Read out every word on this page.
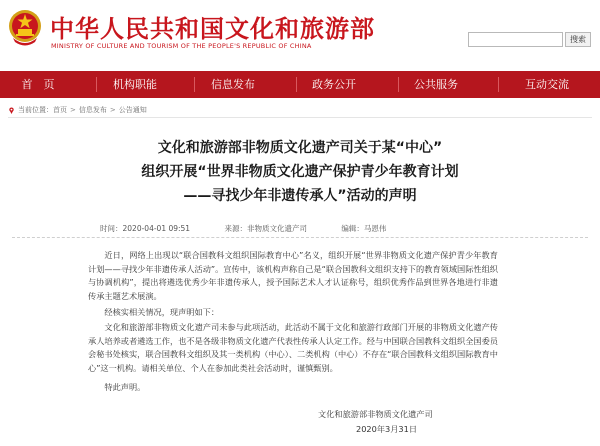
中华人民共和国文化和旅游部
MINISTRY OF CULTURE AND TOURISM OF THE PEOPLE'S REPUBLIC OF CHINA
搜索
首　页	机构职能	信息发布	政务公开	公共服务	互动交流
当前位置：首页 > 信息发布 > 公告通知
文化和旅游部非物质文化遗产司关于某“中心”
组织开展“世界非物质文化遗产保护青少年教育计划
——寻找少年非遗传承人”活动的声明
时间：2020-04-01 09:51	来源：非物质文化遗产司	编辑：马恩伟
近日，网络上出现以“联合国教科文组织国际教育中心”名义，组织开展“世界非物质文化遗产保护青少年教育计划——寻找少年非遗传承人活动”。宣传中，该机构声称自己是“联合国教科文组织支持下的教育领域国际性组织与协调机构”，提出将遴选优秀少年非遗传承人，授予国际艺术人才认证称号，组织优秀作品到世界各地进行非遗传承主题艺术展演。
经核实相关情况，现声明如下：
文化和旅游部非物质文化遗产司未参与此项活动，此活动不属于文化和旅游行政部门开展的非物质文化遗产传承人培养或者遴选工作，也不是各级非物质文化遗产代表性传承人认定工作。经与中国联合国教科文组织全国委员会秘书处核实，联合国教科文组织及其一类机构（中心）、二类机构（中心）不存在“联合国教科文组织国际教育中心”这一机构。请相关单位、个人在参加此类社会活动时，谨慎甄别。
特此声明。
文化和旅游部非物质文化遗产司
2020年3月31日
